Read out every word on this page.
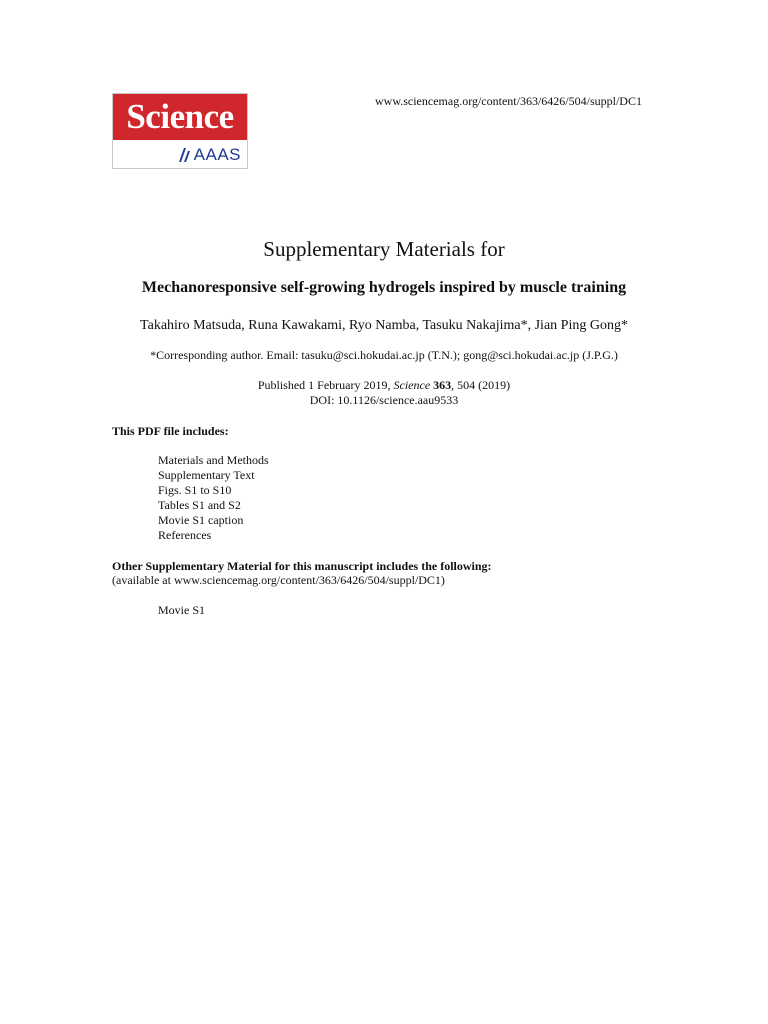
Science
AAAS
www.sciencemag.org/content/363/6426/504/suppl/DC1
Supplementary Materials for
Mechanoresponsive self-growing hydrogels inspired by muscle training
Takahiro Matsuda, Runa Kawakami, Ryo Namba, Tasuku Nakajima*, Jian Ping Gong*
*Corresponding author. Email: tasuku@sci.hokudai.ac.jp (T.N.); gong@sci.hokudai.ac.jp (J.P.G.)
Published 1 February 2019, Science 363, 504 (2019)
DOI: 10.1126/science.aau9533
This PDF file includes:
Materials and Methods
Supplementary Text
Figs. S1 to S10
Tables S1 and S2
Movie S1 caption
References
Other Supplementary Material for this manuscript includes the following:
(available at www.sciencemag.org/content/363/6426/504/suppl/DC1)
Movie S1
